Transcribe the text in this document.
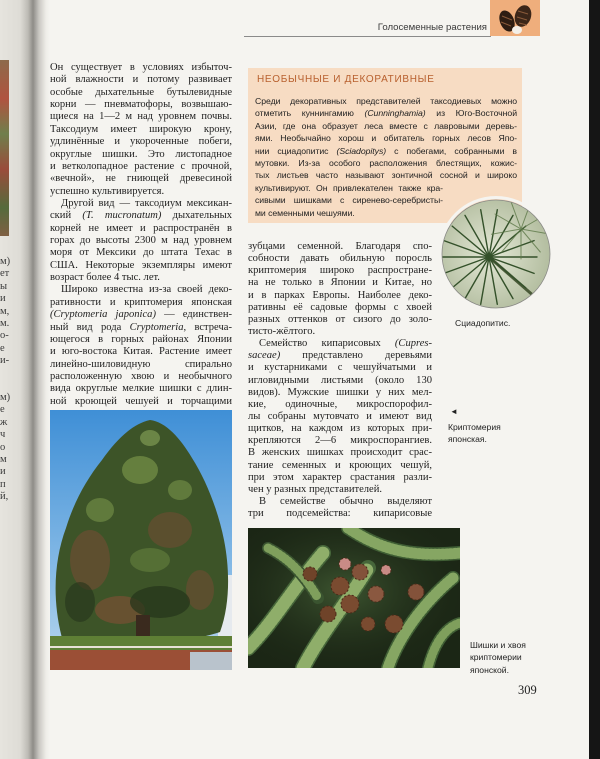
м)
ет
ы
и
м,
м.
о-
е
и-
м)
е
ж
ч
о
м
и
п
й,
Голосеменные растения
Он существует в условиях избыточ-
ной влажности и потому развивает
особые дыхательные бутылевидные
корни — пневматофоры, возвышаю-
щиеся на 1—2 м над уровнем почвы.
Таксодиум имеет широкую крону,
удлинённые и укороченные побеги,
округлые шишки. Это листопадное
и ветколопадное растение с прочной,
«вечной», не гниющей древесиной
успешно культивируется.
Другой вид — таксодиум мексикан-
ский (T. mucronatum) дыхательных
корней не имеет и распространён в
горах до высоты 2300 м над уровнем
моря от Мексики до штата Техас в
США. Некоторые экземпляры имеют
возраст более 4 тыс. лет.
Широко известна из-за своей деко-
ративности и криптомерия японская
(Cryptomeria japonica) — единствен-
ный вид рода Cryptomeria, встреча-
ющегося в горных районах Японии
и юго-востока Китая. Растение имеет
линейно-шиловидную спирально
расположенную хвою и необычного
вида округлые мелкие шишки с длин-
ной кроющей чешуей и торчащими
НЕОБЫЧНЫЕ И ДЕКОРАТИВНЫЕ
Среди декоративных представителей таксодиевых можно
отметить куннингамию (Cunninghamia) из Юго-Восточной
Азии, где она образует леса вместе с лавровыми деревь-
ями. Необычайно хорош и обитатель горных лесов Япо-
нии сциадопитис (Sciadopitys) с побегами, собранными в
мутовки. Из-за особого расположения блестящих, кожис-
тых листьев часто называют зонтичной сосной и широко
культивируют. Он привлекателен также кра-
сивыми шишками с сиренево-серебристы-
ми семенными чешуями.
Сциадопитис.
зубцами семенной. Благодаря спо-
собности давать обильную поросль
криптомерия широко распростране-
на не только в Японии и Китае, но
и в парках Европы. Наиболее деко-
ративны её садовые формы с хвоей
разных оттенков от сизого до золо-
тисто-жёлтого.
Семейство кипарисовых (Cupres-
saceae) представлено деревьями
и кустарниками с чешуйчатыми и
игловидными листьями (около 130
видов). Мужские шишки у них мел-
кие, одиночные, микроспорофил-
лы собраны мутовчато и имеют вид
щитков, на каждом из которых при-
крепляются 2—6 микроспорангиев.
В женских шишках происходит срас-
тание семенных и кроющих чешуй,
при этом характер срастания разли-
чен у разных представителей.
В семействе обычно выделяют
три подсемейства: кипарисовые
◄
Криптомерия
японская.
Шишки и хвоя
криптомерии
японской.
309
